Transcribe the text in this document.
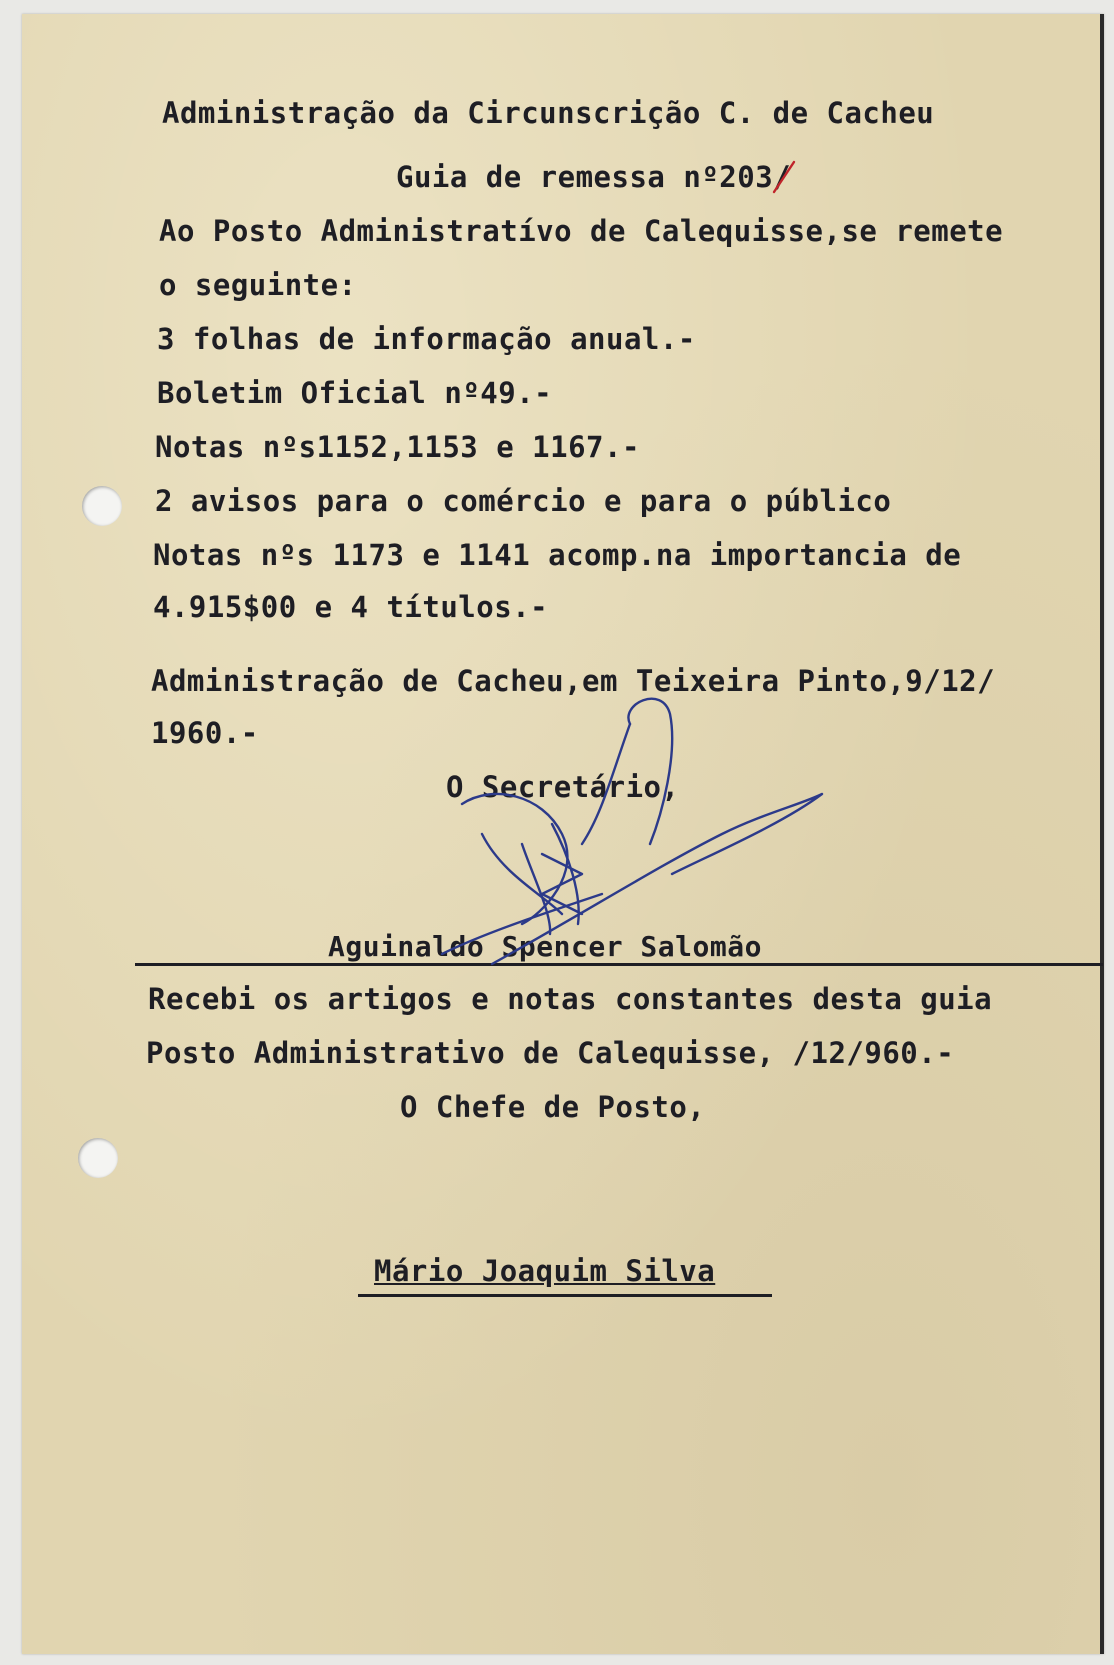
Administração da Circunscrição C. de Cacheu
Guia de remessa nº203/
Ao Posto Administratívo de Calequisse,se remete
o seguinte:
3 folhas de informação anual.-
Boletim Oficial nº49.-
Notas nºs1152,1153 e 1167.-
2 avisos para o comércio e para o público
Notas nºs 1173 e 1141 acomp.na importancia de
4.915$00 e 4 títulos.-
Administração de Cacheu,em Teixeira Pinto,9/12/
1960.-
O Secretário,
Aguinaldo Spencer Salomão
Recebi os artigos e notas constantes desta guia
Posto Administrativo de Calequisse, /12/960.-
O Chefe de Posto,
Mário Joaquim Silva
